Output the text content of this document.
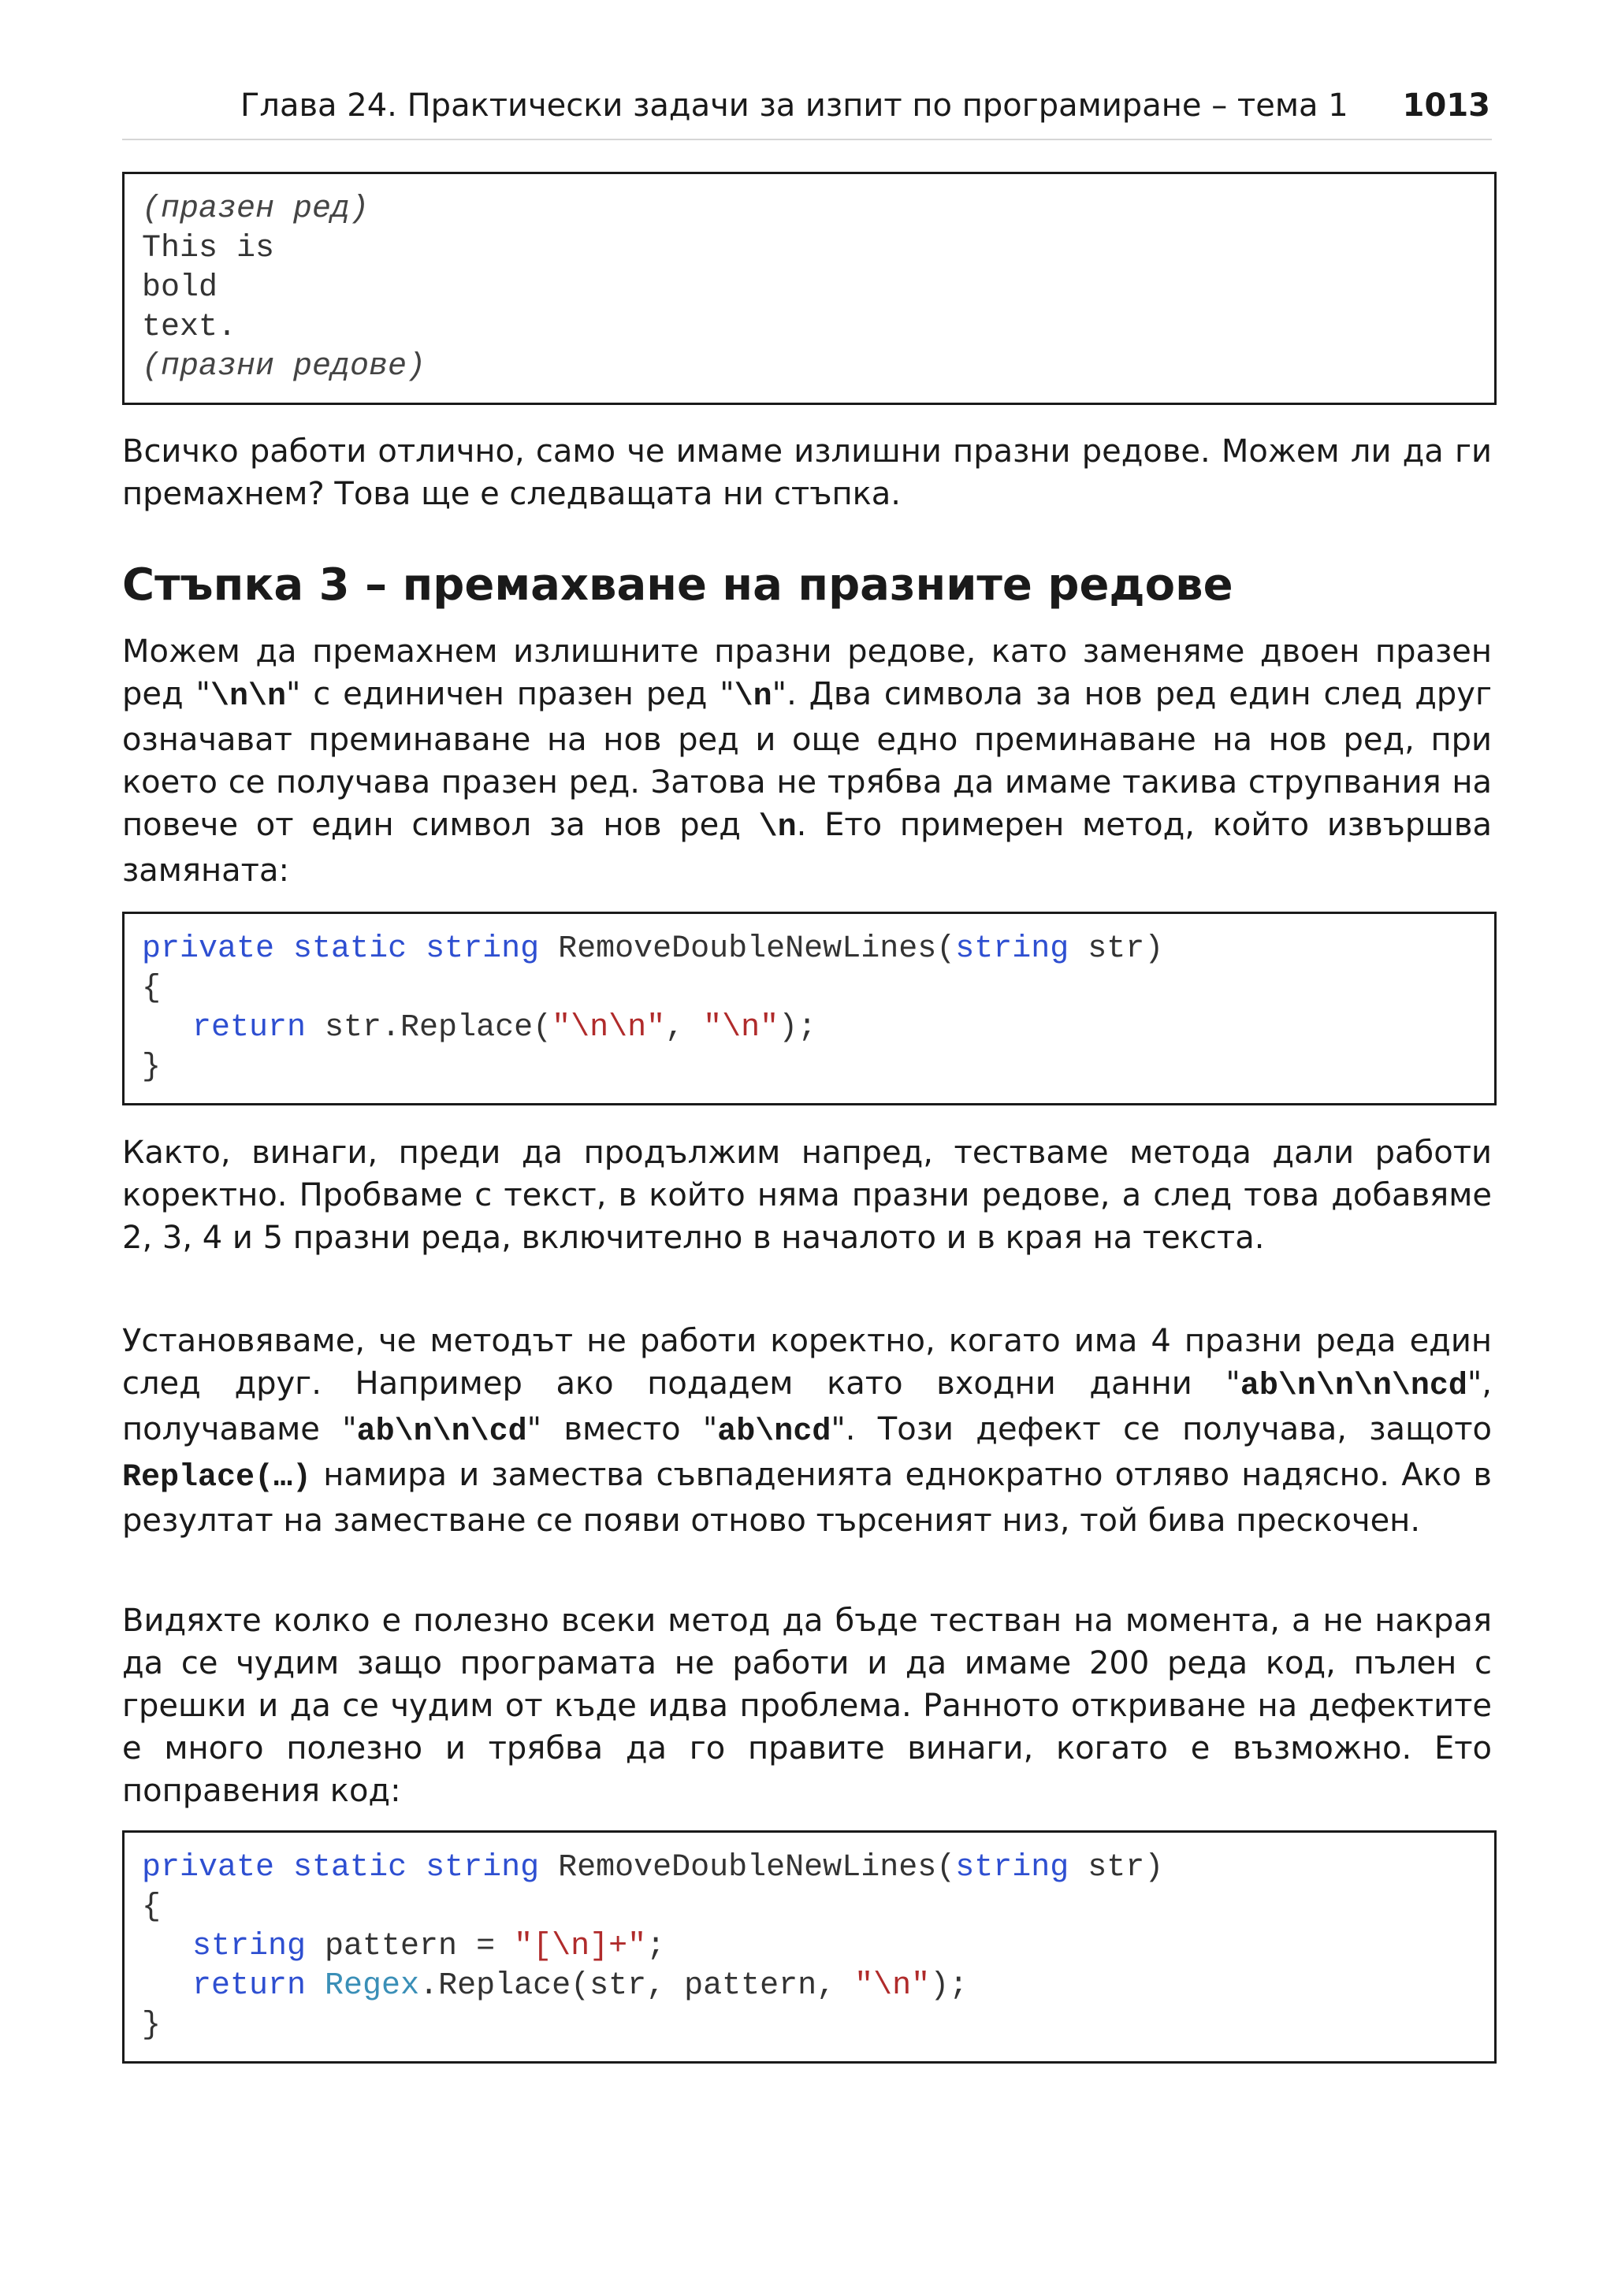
Глава 24. Практически задачи за изпит по програмиране – тема 1 1013
(празен ред)
This is
bold
text.
(празни редове)

Всичко работи отлично, само че имаме излишни празни редове. Можем ли да ги премахнем? Това ще е следващата ни стъпка.

Стъпка 3 – премахване на празните редове

Можем да премахнем излишните празни редове, като заменяме двоен празен ред "\n\n" с единичен празен ред "\n". Два символа за нов ред един след друг означават преминаване на нов ред и още едно преминаване на нов ред, при което се получава празен ред. Затова не трябва да имаме такива струпвания на повече от един символ за нов ред \n. Ето примерен метод, който извършва замяната:

private static string RemoveDoubleNewLines(string str)
{
return str.Replace("\n\n", "\n");
}

Както, винаги, преди да продължим напред, тестваме метода дали работи коректно. Пробваме с текст, в който няма празни редове, а след това добавяме 2, 3, 4 и 5 празни реда, включително в началото и в края на текста.

Установяваме, че методът не работи коректно, когато има 4 празни реда един след друг. Например ако подадем като входни данни "ab\n\n\n\ncd", получаваме "ab\n\n\cd" вместо "ab\ncd". Този дефект се получава, защото Replace(…) намира и замества съвпаденията еднократно отляво надясно. Ако в резултат на заместване се появи отново търсеният низ, той бива прескочен.

Видяхте колко е полезно всеки метод да бъде тестван на момента, а не накрая да се чудим защо програмата не работи и да имаме 200 реда код, пълен с грешки и да се чудим от къде идва проблема. Ранното откриване на дефектите е много полезно и трябва да го правите винаги, когато е възможно. Ето поправения код:

private static string RemoveDoubleNewLines(string str)
{
string pattern = "[\n]+";
return Regex.Replace(str, pattern, "\n");
}
